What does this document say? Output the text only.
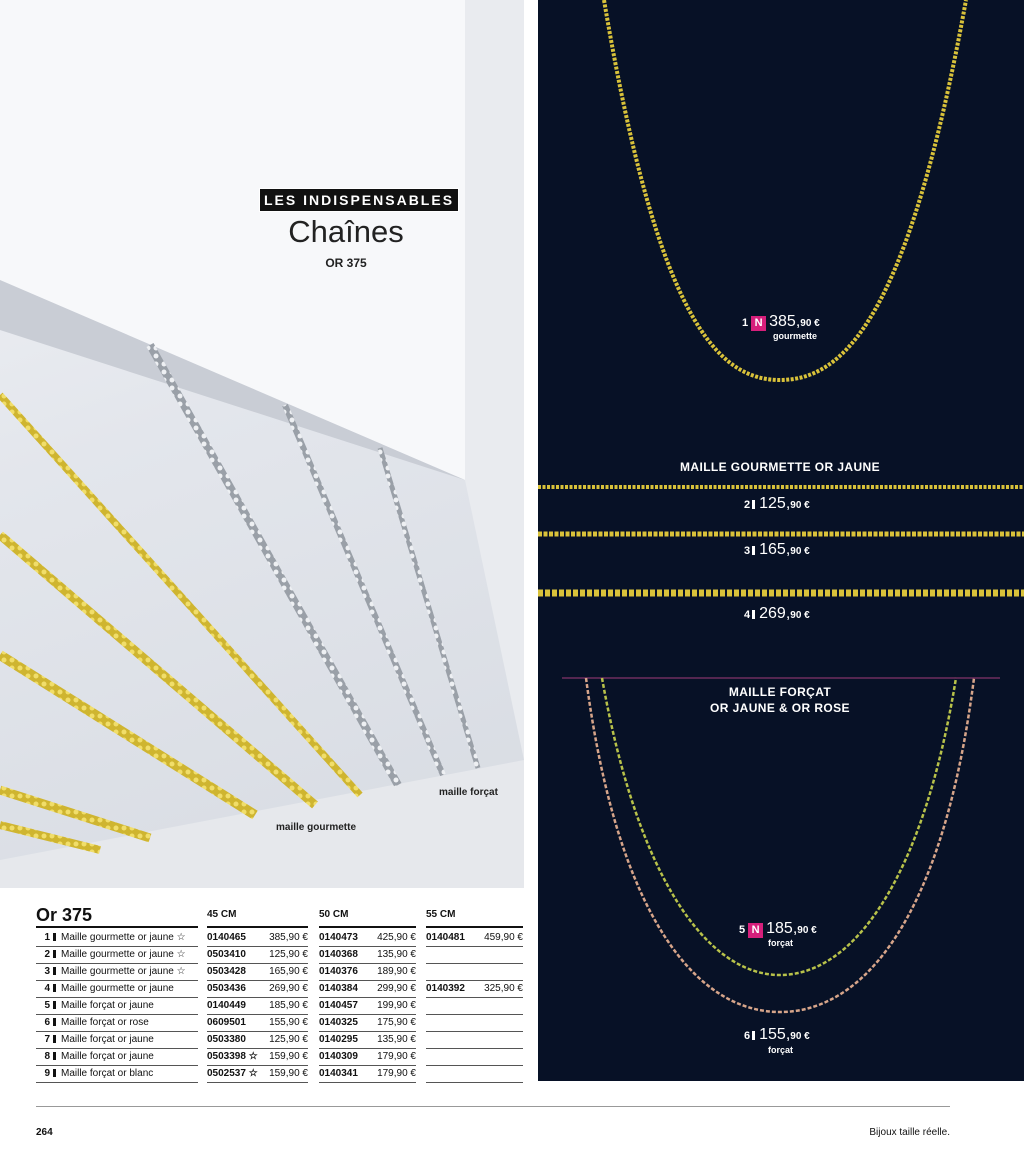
LES INDISPENSABLES
Chaînes
OR 375
maille forçat
maille gourmette
1 N 385,90 €
gourmette
MAILLE GOURMETTE OR JAUNE
2 125,90 €
3 165,90 €
4 269,90 €
MAILLE FORÇAT
OR JAUNE & OR ROSE
5 N 185,90 €
forçat
6 155,90 €
forçat
Or 375	45 CM	50 CM	55 CM
1 Maille gourmette or jaune ☆	0140465 385,90 € 0140473 425,90 € 0140481 459,90 €
2 Maille gourmette or jaune ☆	0503410 125,90 € 0140368 135,90 €
3 Maille gourmette or jaune ☆	0503428 165,90 € 0140376 189,90 €
4 Maille gourmette or jaune	0503436 269,90 € 0140384 299,90 € 0140392 325,90 €
5 Maille forçat or jaune	0140449 185,90 € 0140457 199,90 €
6 Maille forçat or rose	0609501 155,90 € 0140325 175,90 €
7 Maille forçat or jaune	0503380 125,90 € 0140295 135,90 €
8 Maille forçat or jaune	0503398 ☆ 159,90 € 0140309 179,90 €
9 Maille forçat or blanc	0502537 ☆ 159,90 € 0140341 179,90 €
264	Bijoux taille réelle.
